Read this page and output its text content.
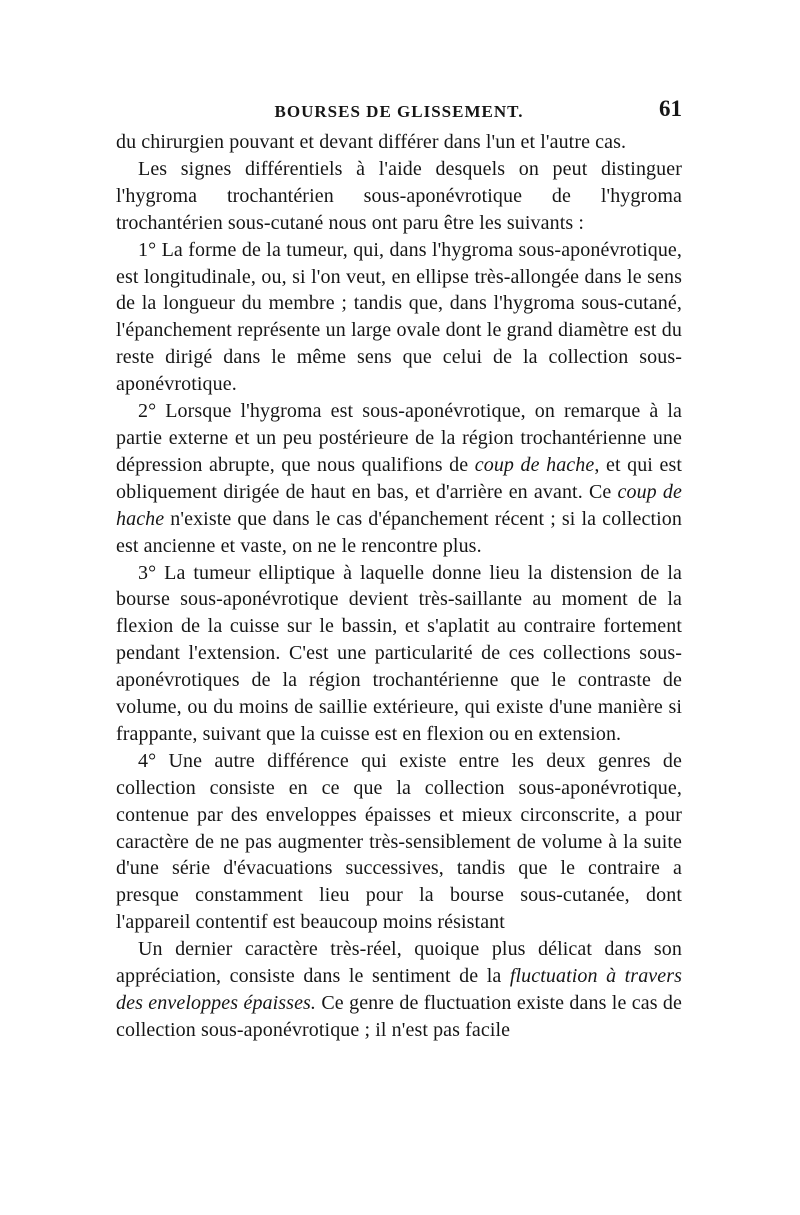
BOURSES DE GLISSEMENT.	61

du chirurgien pouvant et devant différer dans l'un et l'autre cas.

Les signes différentiels à l'aide desquels on peut distinguer l'hygroma trochantérien sous-aponévrotique de l'hygroma trochantérien sous-cutané nous ont paru être les suivants :

1° La forme de la tumeur, qui, dans l'hygroma sous-aponévrotique, est longitudinale, ou, si l'on veut, en ellipse très-allongée dans le sens de la longueur du membre ; tandis que, dans l'hygroma sous-cutané, l'épanchement représente un large ovale dont le grand diamètre est du reste dirigé dans le même sens que celui de la collection sous-aponévrotique.

2° Lorsque l'hygroma est sous-aponévrotique, on remarque à la partie externe et un peu postérieure de la région trochantérienne une dépression abrupte, que nous qualifions de coup de hache, et qui est obliquement dirigée de haut en bas, et d'arrière en avant. Ce coup de hache n'existe que dans le cas d'épanchement récent ; si la collection est ancienne et vaste, on ne le rencontre plus.

3° La tumeur elliptique à laquelle donne lieu la distension de la bourse sous-aponévrotique devient très-saillante au moment de la flexion de la cuisse sur le bassin, et s'aplatit au contraire fortement pendant l'extension. C'est une particularité de ces collections sous-aponévrotiques de la région trochantérienne que le contraste de volume, ou du moins de saillie extérieure, qui existe d'une manière si frappante, suivant que la cuisse est en flexion ou en extension.

4° Une autre différence qui existe entre les deux genres de collection consiste en ce que la collection sous-aponévrotique, contenue par des enveloppes épaisses et mieux circonscrite, a pour caractère de ne pas augmenter très-sensiblement de volume à la suite d'une série d'évacuations successives, tandis que le contraire a presque constamment lieu pour la bourse sous-cutanée, dont l'appareil contentif est beaucoup moins résistant

Un dernier caractère très-réel, quoique plus délicat dans son appréciation, consiste dans le sentiment de la fluctuation à travers des enveloppes épaisses. Ce genre de fluctuation existe dans le cas de collection sous-aponévrotique ; il n'est pas facile
